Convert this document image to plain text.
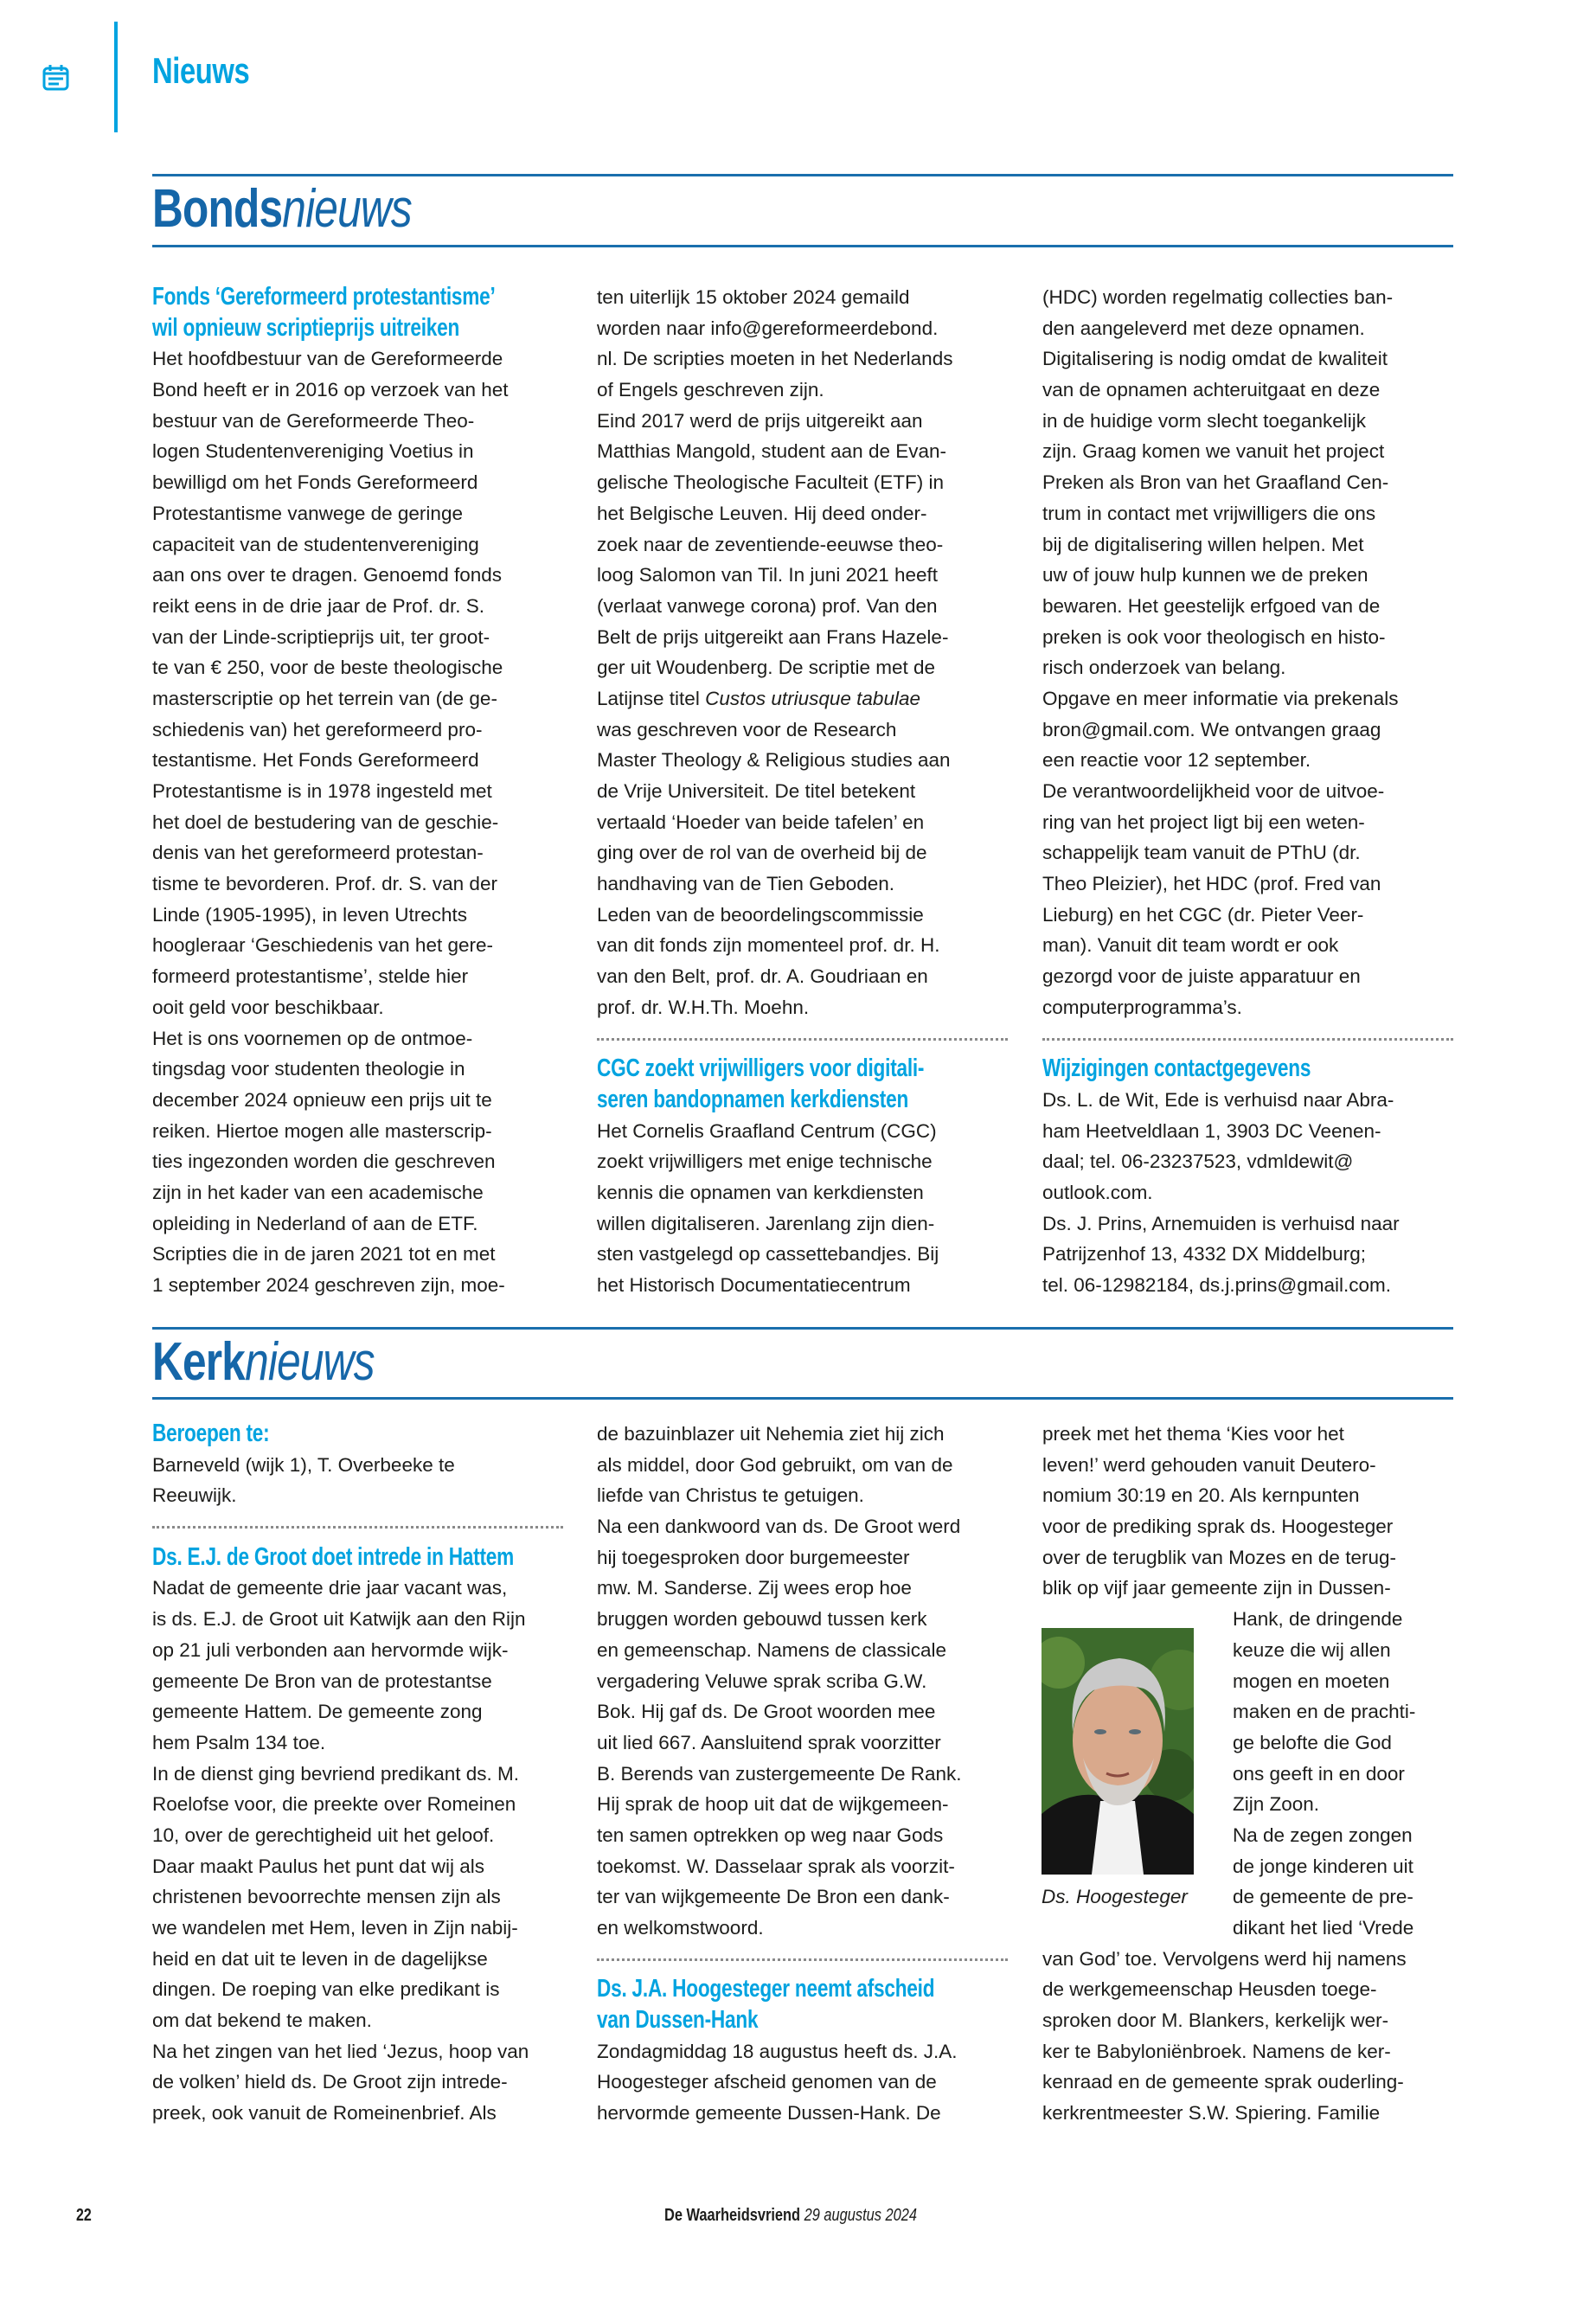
Nieuws
Bondsnieuws
Fonds ‘Gereformeerd protestantisme’
wil opnieuw scriptieprijs uitreiken
Het hoofdbestuur van de Gereformeerde
Bond heeft er in 2016 op verzoek van het
bestuur van de Gereformeerde Theo-
logen Studentenvereniging Voetius in
bewilligd om het Fonds Gereformeerd
Protestantisme vanwege de geringe
capaciteit van de studentenvereniging
aan ons over te dragen. Genoemd fonds
reikt eens in de drie jaar de Prof. dr. S.
van der Linde-scriptieprijs uit, ter groot-
te van € 250, voor de beste theologische
masterscriptie op het terrein van (de ge-
schiedenis van) het gereformeerd pro-
testantisme. Het Fonds Gereformeerd
Protestantisme is in 1978 ingesteld met
het doel de bestudering van de geschie-
denis van het gereformeerd protestan-
tisme te bevorderen. Prof. dr. S. van der
Linde (1905-1995), in leven Utrechts
hoogleraar ‘Geschiedenis van het gere-
formeerd protestantisme’, stelde hier
ooit geld voor beschikbaar.
Het is ons voornemen op de ontmoe-
tingsdag voor studenten theologie in
december 2024 opnieuw een prijs uit te
reiken. Hiertoe mogen alle masterscrip-
ties ingezonden worden die geschreven
zijn in het kader van een academische
opleiding in Nederland of aan de ETF.
Scripties die in de jaren 2021 tot en met
1 september 2024 geschreven zijn, moe-
ten uiterlijk 15 oktober 2024 gemaild
worden naar info@gereformeerdebond.
nl. De scripties moeten in het Nederlands
of Engels geschreven zijn.
Eind 2017 werd de prijs uitgereikt aan
Matthias Mangold, student aan de Evan-
gelische Theologische Faculteit (ETF) in
het Belgische Leuven. Hij deed onder-
zoek naar de zeventiende-eeuwse theo-
loog Salomon van Til. In juni 2021 heeft
(verlaat vanwege corona) prof. Van den
Belt de prijs uitgereikt aan Frans Hazele-
ger uit Woudenberg. De scriptie met de
Latijnse titel Custos utriusque tabulae
was geschreven voor de Research
Master Theology & Religious studies aan
de Vrije Universiteit. De titel betekent
vertaald ‘Hoeder van beide tafelen’ en
ging over de rol van de overheid bij de
handhaving van de Tien Geboden.
Leden van de beoordelingscommissie
van dit fonds zijn momenteel prof. dr. H.
van den Belt, prof. dr. A. Goudriaan en
prof. dr. W.H.Th. Moehn.
CGC zoekt vrijwilligers voor digitali-
seren bandopnamen kerkdiensten
Het Cornelis Graafland Centrum (CGC)
zoekt vrijwilligers met enige technische
kennis die opnamen van kerkdiensten
willen digitaliseren. Jarenlang zijn dien-
sten vastgelegd op cassettebandjes. Bij
het Historisch Documentatiecentrum
(HDC) worden regelmatig collecties ban-
den aangeleverd met deze opnamen.
Digitalisering is nodig omdat de kwaliteit
van de opnamen achteruitgaat en deze
in de huidige vorm slecht toegankelijk
zijn. Graag komen we vanuit het project
Preken als Bron van het Graafland Cen-
trum in contact met vrijwilligers die ons
bij de digitalisering willen helpen. Met
uw of jouw hulp kunnen we de preken
bewaren. Het geestelijk erfgoed van de
preken is ook voor theologisch en histo-
risch onderzoek van belang.
Opgave en meer informatie via prekenals
bron@gmail.com. We ontvangen graag
een reactie voor 12 september.
De verantwoordelijkheid voor de uitvoe-
ring van het project ligt bij een weten-
schappelijk team vanuit de PThU (dr.
Theo Pleizier), het HDC (prof. Fred van
Lieburg) en het CGC (dr. Pieter Veer-
man). Vanuit dit team wordt er ook
gezorgd voor de juiste apparatuur en
computerprogramma’s.
Wijzigingen contactgegevens
Ds. L. de Wit, Ede is verhuisd naar Abra-
ham Heetveldlaan 1, 3903 DC Veenen-
daal; tel. 06-23237523, vdmldewit@
outlook.com.
Ds. J. Prins, Arnemuiden is verhuisd naar
Patrijzenhof 13, 4332 DX Middelburg;
tel. 06-12982184, ds.j.prins@gmail.com.
Kerknieuws
Beroepen te:
Barneveld (wijk 1), T. Overbeeke te
Reeuwijk.
Ds. E.J. de Groot doet intrede in Hattem
Nadat de gemeente drie jaar vacant was,
is ds. E.J. de Groot uit Katwijk aan den Rijn
op 21 juli verbonden aan hervormde wijk-
gemeente De Bron van de protestantse
gemeente Hattem. De gemeente zong
hem Psalm 134 toe.
In de dienst ging bevriend predikant ds. M.
Roelofse voor, die preekte over Romeinen
10, over de gerechtigheid uit het geloof.
Daar maakt Paulus het punt dat wij als
christenen bevoorrechte mensen zijn als
we wandelen met Hem, leven in Zijn nabij-
heid en dat uit te leven in de dagelijkse
dingen. De roeping van elke predikant is
om dat bekend te maken.
Na het zingen van het lied ‘Jezus, hoop van
de volken’ hield ds. De Groot zijn intrede-
preek, ook vanuit de Romeinenbrief. Als
de bazuinblazer uit Nehemia ziet hij zich
als middel, door God gebruikt, om van de
liefde van Christus te getuigen.
Na een dankwoord van ds. De Groot werd
hij toegesproken door burgemeester
mw. M. Sanderse. Zij wees erop hoe
bruggen worden gebouwd tussen kerk
en gemeenschap. Namens de classicale
vergadering Veluwe sprak scriba G.W.
Bok. Hij gaf ds. De Groot woorden mee
uit lied 667. Aansluitend sprak voorzitter
B. Berends van zustergemeente De Rank.
Hij sprak de hoop uit dat de wijkgemeen-
ten samen optrekken op weg naar Gods
toekomst. W. Dasselaar sprak als voorzit-
ter van wijkgemeente De Bron een dank-
en welkomstwoord.
Ds. J.A. Hoogesteger neemt afscheid
van Dussen-Hank
Zondagmiddag 18 augustus heeft ds. J.A.
Hoogesteger afscheid genomen van de
hervormde gemeente Dussen-Hank. De
preek met het thema ‘Kies voor het
leven!’ werd gehouden vanuit Deutero-
nomium 30:19 en 20. Als kernpunten
voor de prediking sprak ds. Hoogesteger
over de terugblik van Mozes en de terug-
blik op vijf jaar gemeente zijn in Dussen-
Hank, de dringende
keuze die wij allen
mogen en moeten
maken en de prachti-
ge belofte die God
ons geeft in en door
Zijn Zoon.
Na de zegen zongen
de jonge kinderen uit
de gemeente de pre-
dikant het lied ‘Vrede
van God’ toe. Vervolgens werd hij namens
de werkgemeenschap Heusden toege-
sproken door M. Blankers, kerkelijk wer-
ker te Babyloniënbroek. Namens de ker-
kenraad en de gemeente sprak ouderling-
kerkrentmeester S.W. Spiering. Familie
Ds. Hoogesteger
22	De Waarheidsvriend 29 augustus 2024
